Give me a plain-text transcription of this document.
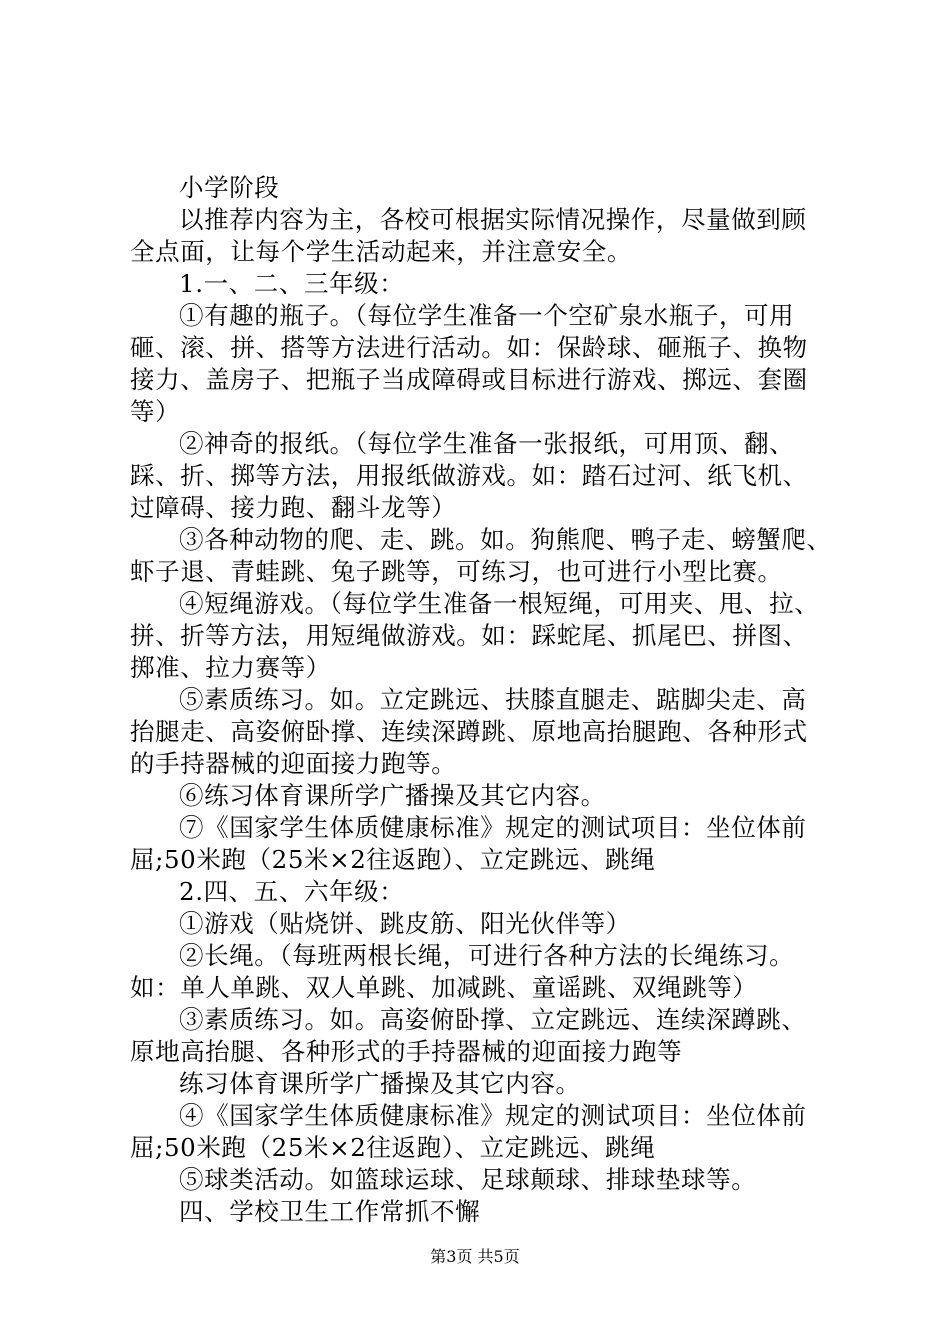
小学阶段
以推荐内容为主，各校可根据实际情况操作，尽量做到顾
全点面，让每个学生活动起来，并注意安全。
1.一、二、三年级：
①有趣的瓶子。（每位学生准备一个空矿泉水瓶子，可用
砸、滚、拼、搭等方法进行活动。如：保龄球、砸瓶子、换物
接力、盖房子、把瓶子当成障碍或目标进行游戏、掷远、套圈
等）
②神奇的报纸。（每位学生准备一张报纸，可用顶、翻、
踩、折、掷等方法，用报纸做游戏。如：踏石过河、纸飞机、
过障碍、接力跑、翻斗龙等）
③各种动物的爬、走、跳。如。狗熊爬、鸭子走、螃蟹爬、
虾子退、青蛙跳、兔子跳等，可练习，也可进行小型比赛。
④短绳游戏。（每位学生准备一根短绳，可用夹、甩、拉、
拼、折等方法，用短绳做游戏。如：踩蛇尾、抓尾巴、拼图、
掷准、拉力赛等）
⑤素质练习。如。立定跳远、扶膝直腿走、踮脚尖走、高
抬腿走、高姿俯卧撑、连续深蹲跳、原地高抬腿跑、各种形式
的手持器械的迎面接力跑等。
⑥练习体育课所学广播操及其它内容。
⑦《国家学生体质健康标准》规定的测试项目：坐位体前
屈;50米跑（25米×2往返跑）、立定跳远、跳绳
2.四、五、六年级：
①游戏（贴烧饼、跳皮筋、阳光伙伴等）
②长绳。（每班两根长绳，可进行各种方法的长绳练习。
如：单人单跳、双人单跳、加减跳、童谣跳、双绳跳等）
③素质练习。如。高姿俯卧撑、立定跳远、连续深蹲跳、
原地高抬腿、各种形式的手持器械的迎面接力跑等
练习体育课所学广播操及其它内容。
④《国家学生体质健康标准》规定的测试项目：坐位体前
屈;50米跑（25米×2往返跑）、立定跳远、跳绳
⑤球类活动。如篮球运球、足球颠球、排球垫球等。
四、学校卫生工作常抓不懈
第3页 共5页
